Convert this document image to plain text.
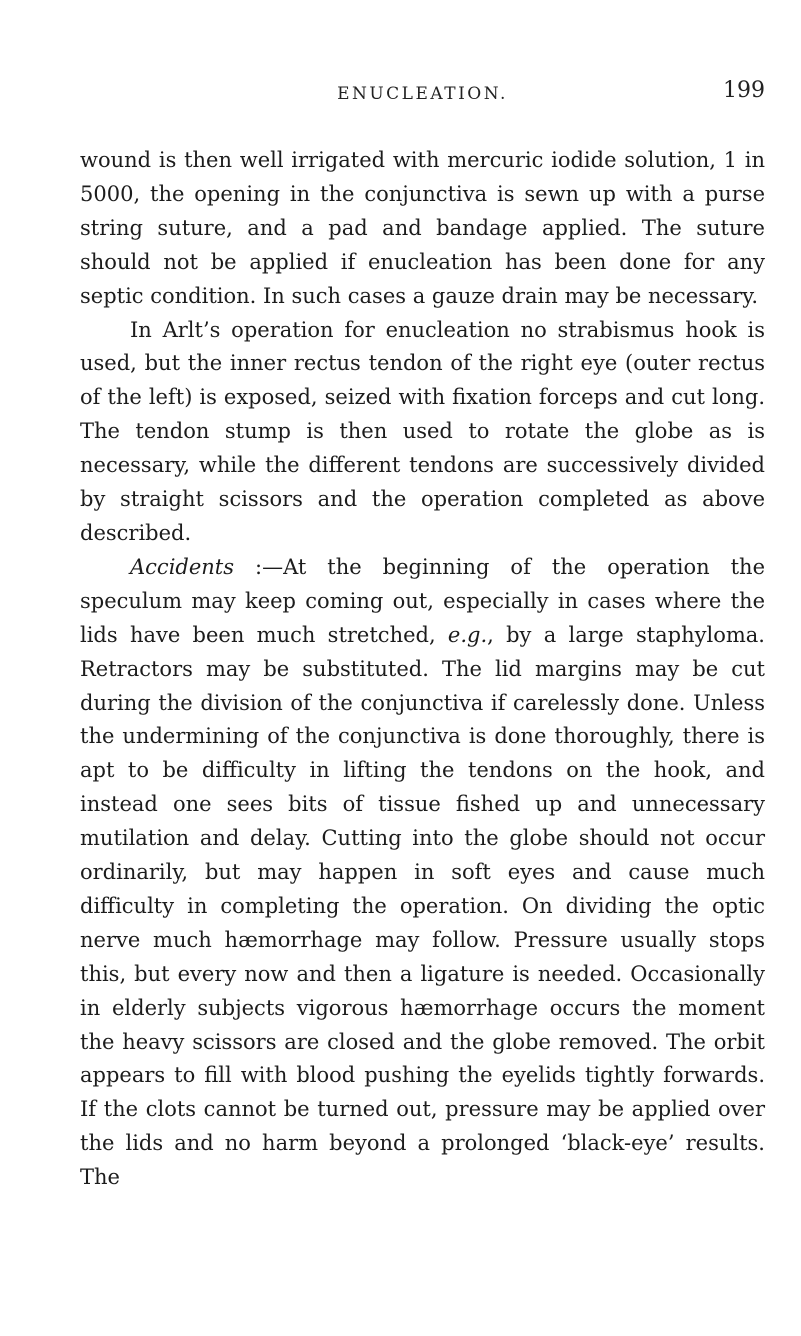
ENUCLEATION.	199

wound is then well irrigated with mercuric iodide solution, 1 in 5000, the opening in the conjunctiva is sewn up with a purse string suture, and a pad and bandage applied. The suture should not be applied if enucleation has been done for any septic condition. In such cases a gauze drain may be necessary.

In Arlt’s operation for enucleation no strabismus hook is used, but the inner rectus tendon of the right eye (outer rectus of the left) is exposed, seized with fixation forceps and cut long. The tendon stump is then used to rotate the globe as is necessary, while the different tendons are successively divided by straight scissors and the operation completed as above described.

Accidents :—At the beginning of the operation the speculum may keep coming out, especially in cases where the lids have been much stretched, e.g., by a large staphyloma. Retractors may be substituted. The lid margins may be cut during the division of the conjunctiva if carelessly done. Unless the undermining of the conjunctiva is done thoroughly, there is apt to be difficulty in lifting the tendons on the hook, and instead one sees bits of tissue fished up and unnecessary mutilation and delay. Cutting into the globe should not occur ordinarily, but may happen in soft eyes and cause much difficulty in completing the operation. On dividing the optic nerve much hæmorrhage may follow. Pressure usually stops this, but every now and then a ligature is needed. Occasionally in elderly subjects vigorous hæmorrhage occurs the moment the heavy scissors are closed and the globe removed. The orbit appears to fill with blood pushing the eyelids tightly forwards. If the clots cannot be turned out, pressure may be applied over the lids and no harm beyond a prolonged ‘black-eye’ results. The
